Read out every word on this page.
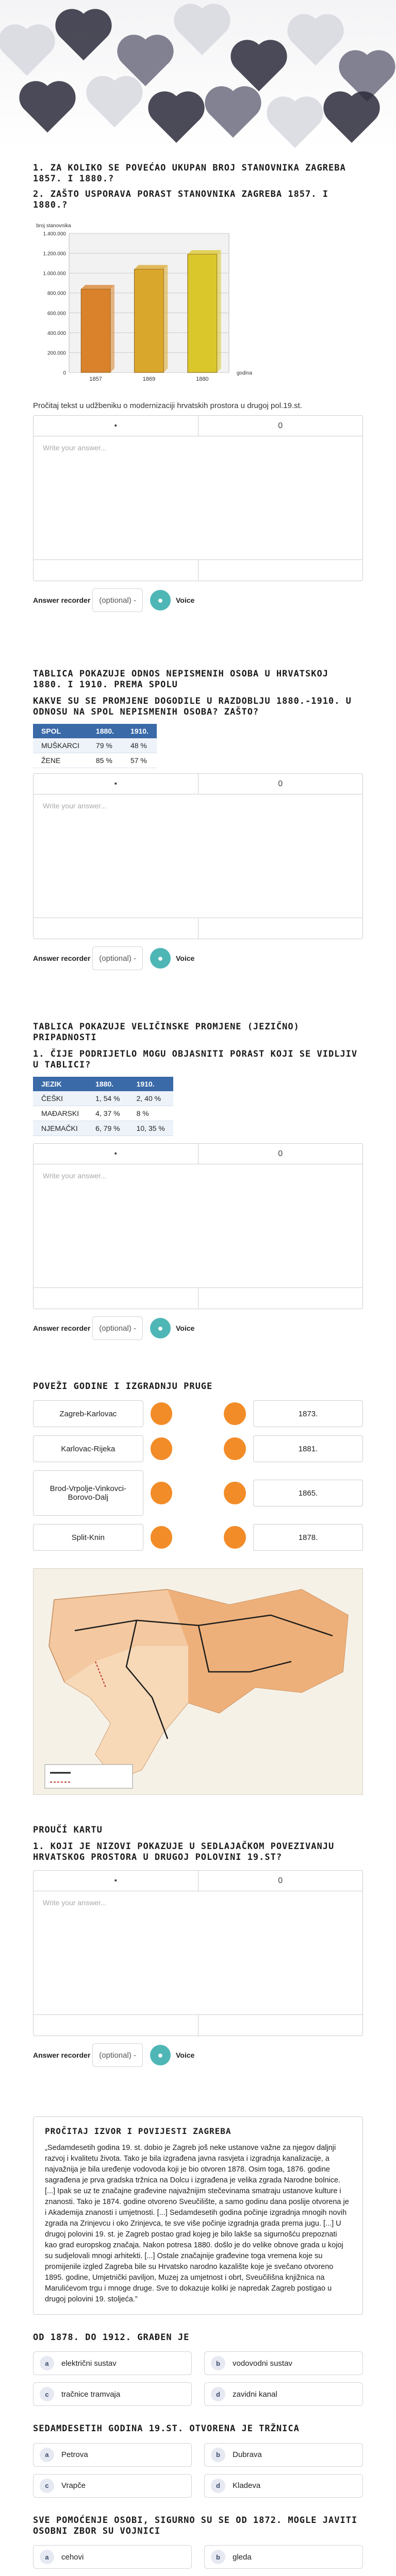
1. ZA KOLIKO SE POVEĆAO UKUPAN BROJ STANOVNIKA ZAGREBA 1857. I 1880.?
2. ZAŠTO USPORAVA PORAST STANOVNIKA ZAGREBA 1857. I 1880.?
0
200.000
400.000
600.000
800.000
1.000.000
1.200.000
1.400.000
broj stanovnika
1857	1869	1880
godina

Pročitaj tekst u udžbeniku o modernizaciji hrvatskih prostora u drugoj pol.19.st.

•	0
Write your answer...
Answer recorder	(optional) -	●	Voice
TABLICA POKAZUJE ODNOS NEPISMENIH OSOBA U HRVATSKOJ 1880. I 1910. PREMA SPOLU
KAKVE SU SE PROMJENE DOGODILE U RAZDOBLJU 1880.-1910. U ODNOSU NA SPOL NEPISMENIH OSOBA? ZAŠTO?
SPOL	1880.	1910.
MUŠKARCI	79 %	48 %
ŽENE	85 %	57 %
•	0
Write your answer...
Answer recorder	(optional) -	●	Voice
TABLICA POKAZUJE VELIČINSKE PROMJENE (JEZIČNO) PRIPADNOSTI
1. ČIJE PODRIJETLO MOGU OBJASNITI PORAST KOJI SE VIDLJIV U TABLICI?
JEZIK	1880.	1910.
ČEŠKI	1, 54 %	2, 40 %
MAĐARSKI	4, 37 %	8 %
NJEMAČKI	6, 79 %	10, 35 %
•	0
Write your answer...
Answer recorder	(optional) -	●	Voice
POVEŽI GODINE I IZGRADNJU PRUGE
Zagreb-Karlovac	1873.
Karlovac-Rijeka	1881.
Brod-Vrpolje-Vinkovci-Borovo-Dalj	1865.
Split-Knin	1878.
PROUČÍ KARTU
1. KOJI JE NIZOVI POKAZUJE U SEDLAJAČKOM POVEZIVANJU HRVATSKOG PROSTORA U DRUGOJ POLOVINI 19.ST?
•	0
Write your answer...
Answer recorder	(optional) -	●	Voice
PROČITAJ IZVOR I POVIJESTI ZAGREBA

„Sedamdesetih godina 19. st. dobio je Zagreb još neke ustanove važne za njegov daljnji razvoj i kvalitetu života. Tako je bila izgrađena javna rasvjeta i izgradnja kanalizacije, a najvažnija je bila uređenje vodovoda koji je bio otvoren 1878. Osim toga, 1876. godine sagrađena je prva gradska tržnica na Dolcu i izgrađena je velika zgrada Narodne bolnice. [...] Ipak se uz te značajne građevine najvažnijim stečevinama smatraju ustanove kulture i znanosti. Tako je 1874. godine otvoreno Sveučilište, a samo godinu dana poslije otvorena je i Akademija znanosti i umjetnosti. [...] Sedamdesetih godina počinje izgradnja mnogih novih zgrada na Zrinjevcu i oko Zrinjevca, te sve više počinje izgradnja grada prema jugu. [...] U drugoj polovini 19. st. je Zagreb postao grad kojeg je bilo lakše sa sigurnošću prepoznati kao grad europskog značaja. Nakon potresa 1880. došlo je do velike obnove grada u kojoj su sudjelovali mnogi arhitekti. [...] Ostale značajnije građevine toga vremena koje su promijenile izgled Zagreba bile su Hrvatsko narodno kazalište koje je svečano otvoreno 1895. godine, Umjetnički paviljon, Muzej za umjetnost i obrt, Sveučilišna knjižnica na Marulićevom trgu i mnoge druge. Sve to dokazuje koliki je napredak Zagreb postigao u drugoj polovini 19. stoljeća.”

OD 1878. DO 1912. GRAĐEN JE
a	električni sustav	b	vodovodni sustav
c	tračnice tramvaja	d	zavidni kanal
SEDAMDESETIH GODINA 19.ST. OTVORENA JE TRŽNICA
a	Petrova	b	Dubrava
c	Vrapče	d	Kladeva
SVE POMOĆENJE OSOBI, SIGURNO SU SE OD 1872. MOGLE JAVITI OSOBNI ZBOR SU VOJNICI
a	cehovi	b	gleda
